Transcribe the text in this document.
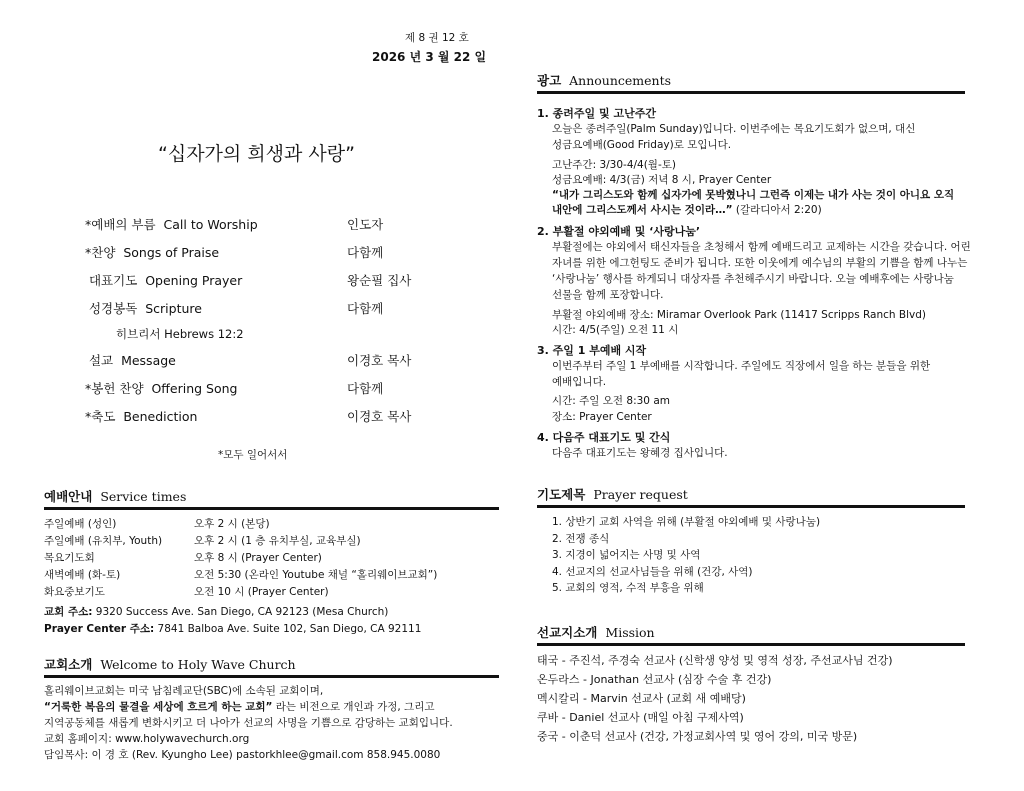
제 8 권 12 호
2026 년 3 월 22 일
“십자가의 희생과 사랑”
*예배의 부름  Call to Worship	인도자
*찬양  Songs of Praise	다함께
대표기도  Opening Prayer	왕순필 집사
성경봉독  Scripture	다함께
히브리서 Hebrews 12:2
설교  Message	이경호 목사
*봉헌 찬양  Offering Song	다함께
*축도  Benediction	이경호 목사
*모두 일어서서
예배안내 Service times
주일예배 (성인)	오후 2 시 (본당)
주일예배 (유치부, Youth)	오후 2 시 (1 층 유치부실, 교육부실)
목요기도회	오후 8 시 (Prayer Center)
새벽예배 (화-토)	오전 5:30 (온라인 Youtube 채널 “홀리웨이브교회”)
화요중보기도	오전 10 시 (Prayer Center)
교회 주소: 9320 Success Ave. San Diego, CA 92123 (Mesa Church)
Prayer Center 주소: 7841 Balboa Ave. Suite 102, San Diego, CA 92111
교회소개 Welcome to Holy Wave Church
홀리웨이브교회는 미국 남침례교단(SBC)에 소속된 교회이며,
“거룩한 복음의 물결을 세상에 흐르게 하는 교회” 라는 비전으로 개인과 가정, 그리고
지역공동체를 새롭게 변화시키고 더 나아가 선교의 사명을 기쁨으로 감당하는 교회입니다.
교회 홈페이지: www.holywavechurch.org
담임목사: 이 경 호 (Rev. Kyungho Lee) pastorkhlee@gmail.com 858.945.0080
광고 Announcements
1. 종려주일 및 고난주간
오늘은 종려주일(Palm Sunday)입니다. 이번주에는 목요기도회가 없으며, 대신
성금요예배(Good Friday)로 모입니다.
고난주간: 3/30-4/4(월-토)
성금요예배: 4/3(금) 저녁 8 시, Prayer Center
“내가 그리스도와 함께 십자가에 못박혔나니 그런즉 이제는 내가 사는 것이 아니요 오직
내안에 그리스도께서 사시는 것이라…” (갈라디아서 2:20)
2. 부활절 야외예배 및 ‘사랑나눔’
부활절에는 야외에서 태신자들을 초청해서 함께 예배드리고 교제하는 시간을 갖습니다. 어린
자녀를 위한 에그헌팅도 준비가 됩니다. 또한 이웃에게 예수님의 부활의 기쁨을 함께 나누는
‘사랑나눔’ 행사를 하게되니 대상자를 추천해주시기 바랍니다. 오늘 예배후에는 사랑나눔
선물을 함께 포장합니다.
부활절 야외예배 장소: Miramar Overlook Park (11417 Scripps Ranch Blvd)
시간: 4/5(주일) 오전 11 시
3. 주일 1 부예배 시작
이번주부터 주일 1 부예배를 시작합니다. 주일에도 직장에서 일을 하는 분들을 위한
예배입니다.
시간: 주일 오전 8:30 am
장소: Prayer Center
4. 다음주 대표기도 및 간식
다음주 대표기도는 왕혜경 집사입니다.
기도제목 Prayer request
1. 상반기 교회 사역을 위해 (부활절 야외예배 및 사랑나눔)
2. 전쟁 종식
3. 지경이 넓어지는 사명 및 사역
4. 선교지의 선교사님들을 위해 (건강, 사역)
5. 교회의 영적, 수적 부흥을 위해
선교지소개 Mission
태국 - 주진석, 주경숙 선교사 (신학생 양성 및 영적 성장, 주선교사님 건강)
온두라스 - Jonathan 선교사 (심장 수술 후 건강)
멕시칼리 - Marvin 선교사 (교회 새 예배당)
쿠바 - Daniel 선교사 (매일 아침 구제사역)
중국 - 이춘덕 선교사 (건강, 가정교회사역 및 영어 강의, 미국 방문)
